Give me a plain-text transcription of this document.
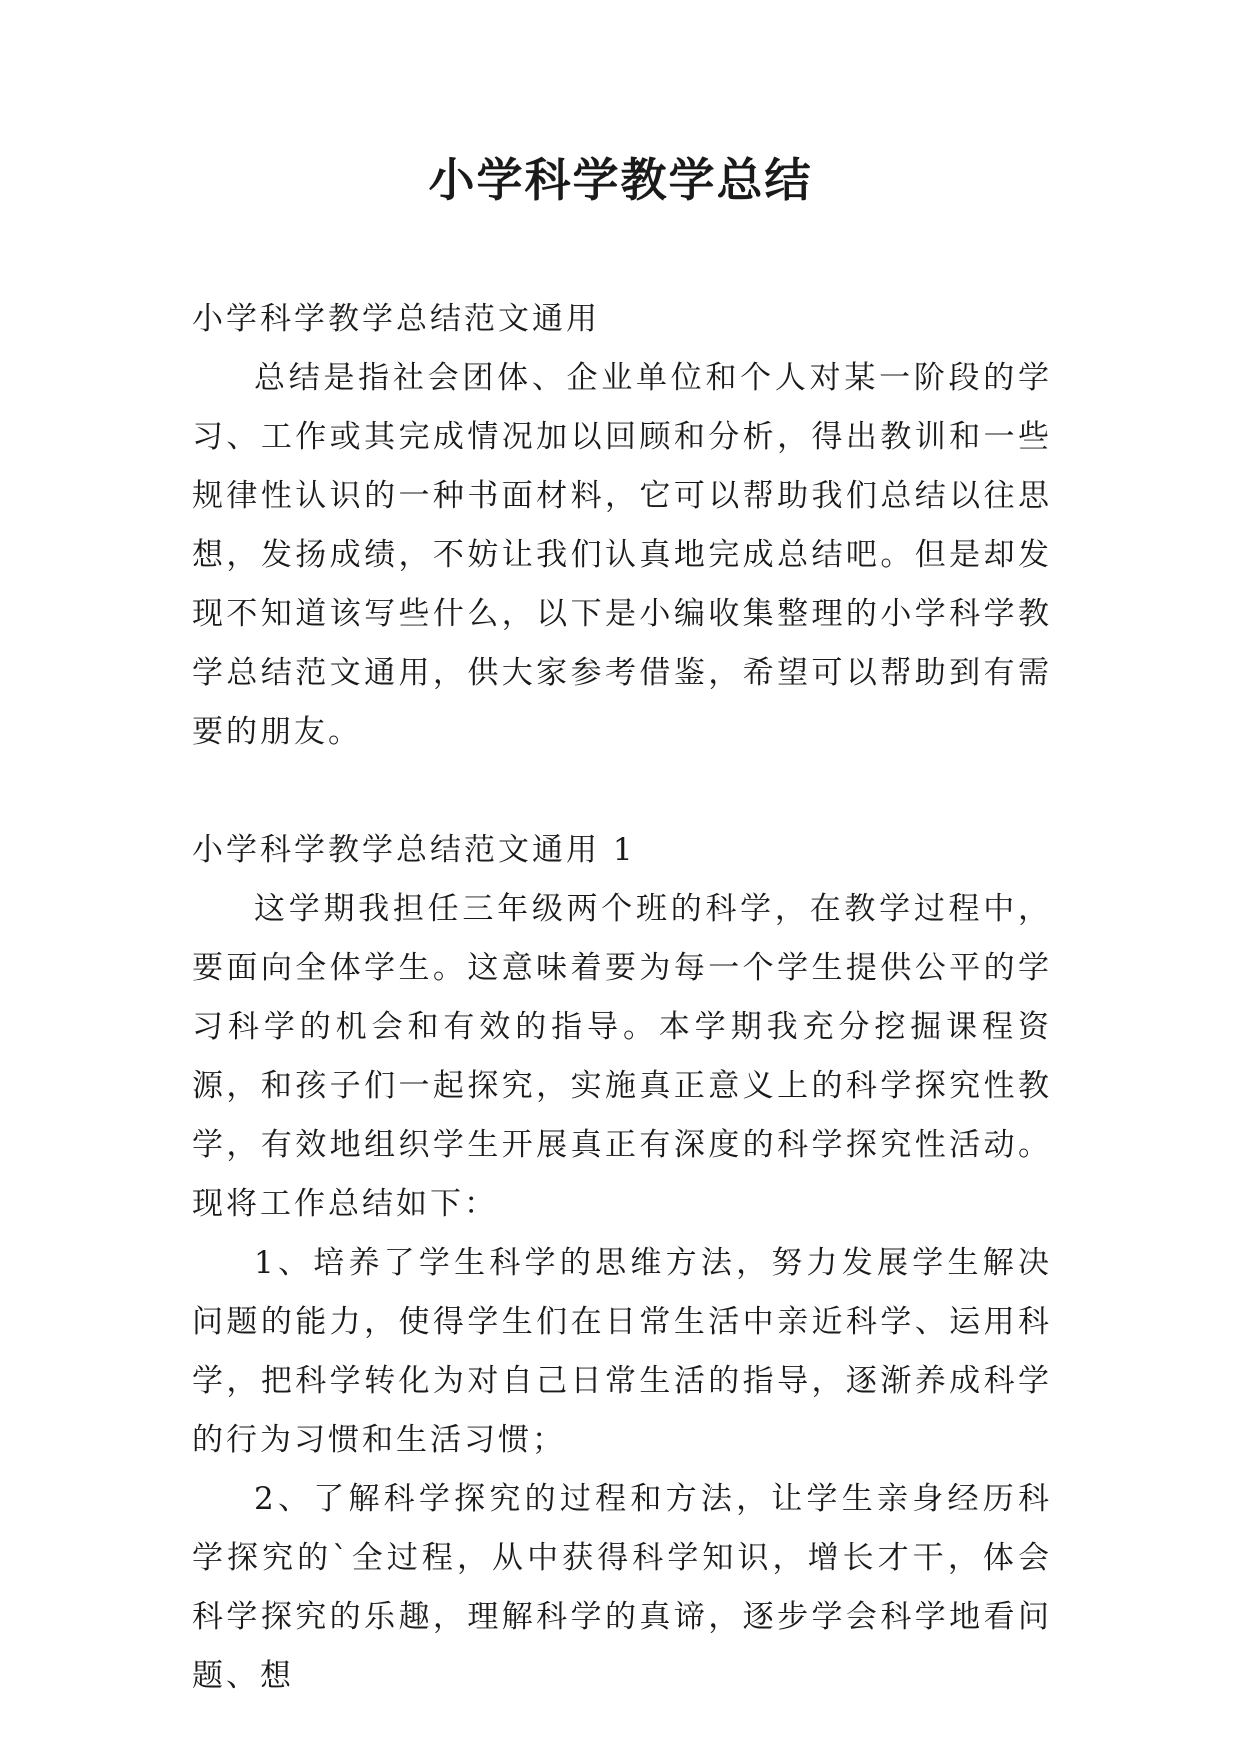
小学科学教学总结
小学科学教学总结范文通用

总结是指社会团体、企业单位和个人对某一阶段的学习、工作或其完成情况加以回顾和分析，得出教训和一些规律性认识的一种书面材料，它可以帮助我们总结以往思想，发扬成绩，不妨让我们认真地完成总结吧。但是却发现不知道该写些什么，以下是小编收集整理的小学科学教学总结范文通用，供大家参考借鉴，希望可以帮助到有需要的朋友。

小学科学教学总结范文通用 1

这学期我担任三年级两个班的科学，在教学过程中，要面向全体学生。这意味着要为每一个学生提供公平的学习科学的机会和有效的指导。本学期我充分挖掘课程资源，和孩子们一起探究，实施真正意义上的科学探究性教学，有效地组织学生开展真正有深度的科学探究性活动。现将工作总结如下：

1、培养了学生科学的思维方法，努力发展学生解决问题的能力，使得学生们在日常生活中亲近科学、运用科学，把科学转化为对自己日常生活的指导，逐渐养成科学的行为习惯和生活习惯；

2、了解科学探究的过程和方法，让学生亲身经历科学探究的`全过程，从中获得科学知识，增长才干，体会科学探究的乐趣，理解科学的真谛，逐步学会科学地看问题、想
